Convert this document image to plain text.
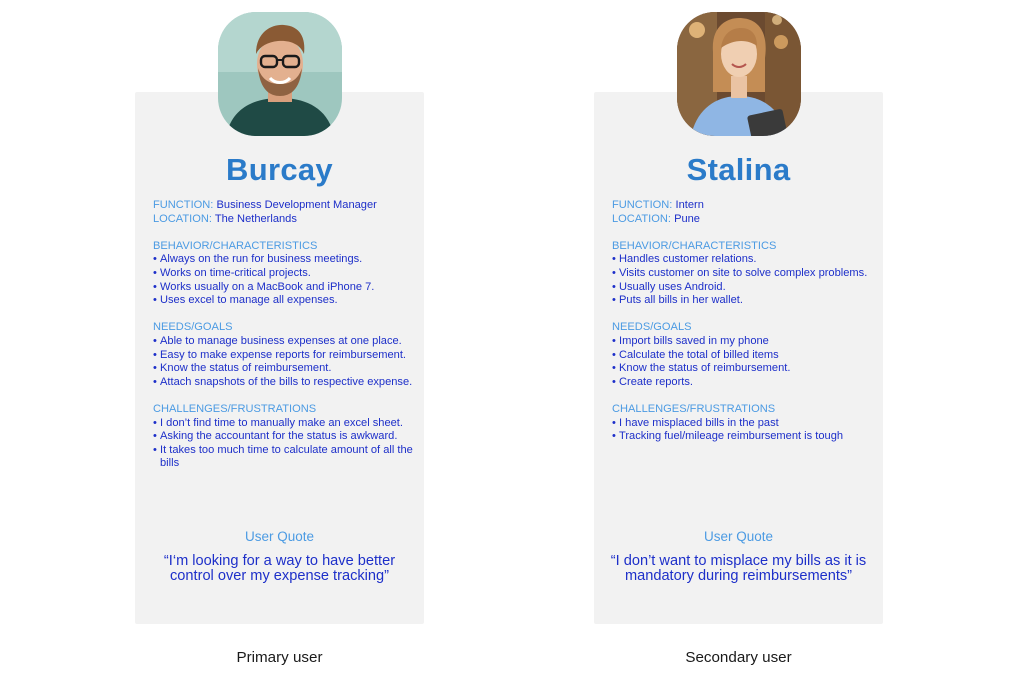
Burcay
FUNCTION: Business Development Manager
LOCATION: The Netherlands
BEHAVIOR/CHARACTERISTICS
• Always on the run for business meetings.
• Works on time-critical projects.
• Works usually on a MacBook and iPhone 7.
• Uses excel to manage all expenses.
NEEDS/GOALS
• Able to manage business expenses at one place.
• Easy to make expense reports for reimbursement.
• Know the status of reimbursement.
• Attach snapshots of the bills to respective expense.
CHALLENGES/FRUSTRATIONS
• I don’t find time to manually make an excel sheet.
• Asking the accountant for the status is awkward.
• It takes too much time to calculate amount of all the bills
User Quote
“I‘m looking for a way to have better control over my expense tracking”
Stalina
FUNCTION: Intern
LOCATION: Pune
BEHAVIOR/CHARACTERISTICS
• Handles customer relations.
• Visits customer on site to solve complex problems.
• Usually uses Android.
• Puts all bills in her wallet.
NEEDS/GOALS
• Import bills saved in my phone
• Calculate the total of billed items
• Know the status of reimbursement.
• Create reports.
CHALLENGES/FRUSTRATIONS
• I have misplaced bills in the past
• Tracking fuel/mileage reimbursement is tough
User Quote
“I don’t want to misplace my bills as it is mandatory during reimbursements”
Primary user	Secondary user
